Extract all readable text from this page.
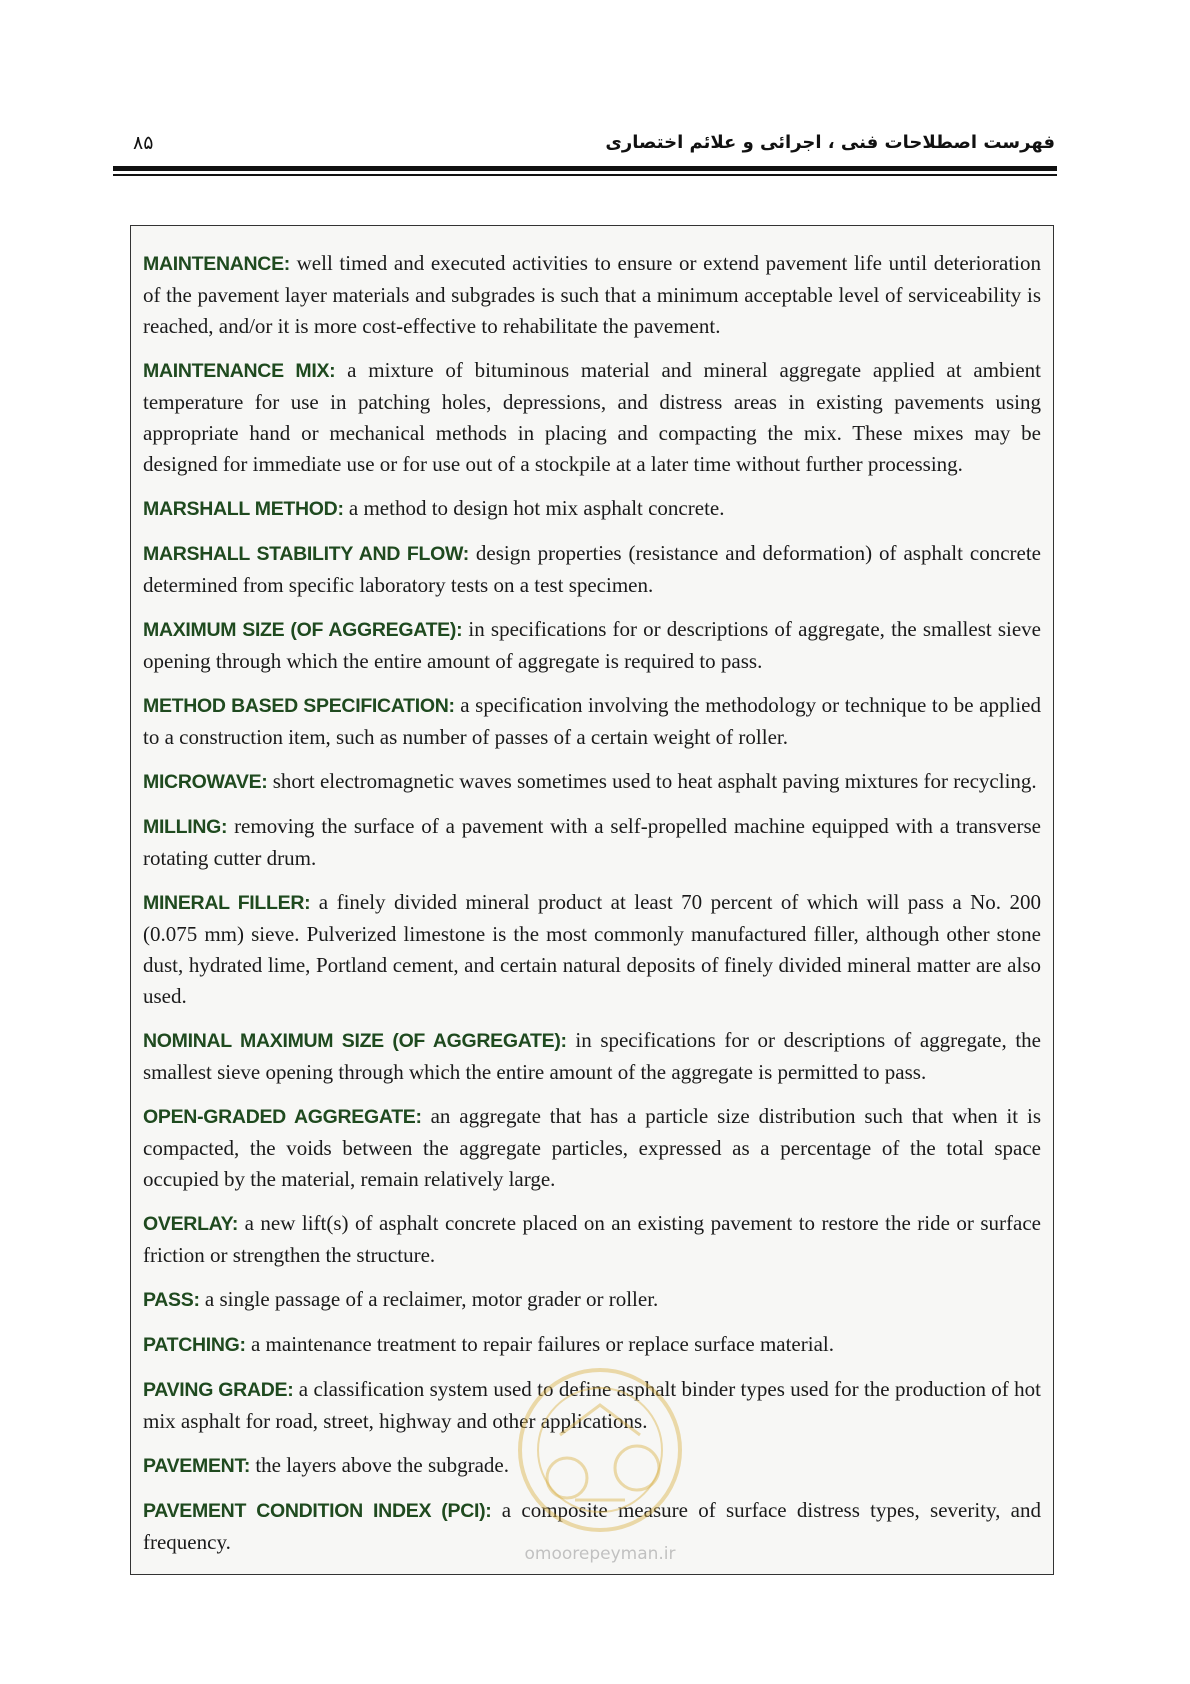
۸۵	فهرست اصطلاحات فنی ، اجرائی و علائم اختصاری

MAINTENANCE: well timed and executed activities to ensure or extend pavement life until deterioration of the pavement layer materials and subgrades is such that a minimum acceptable level of serviceability is reached, and/or it is more cost-effective to rehabilitate the pavement.

MAINTENANCE MIX: a mixture of bituminous material and mineral aggregate applied at ambient temperature for use in patching holes, depressions, and distress areas in existing pavements using appropriate hand or mechanical methods in placing and compacting the mix. These mixes may be designed for immediate use or for use out of a stockpile at a later time without further processing.

MARSHALL METHOD: a method to design hot mix asphalt concrete.

MARSHALL STABILITY AND FLOW: design properties (resistance and deformation) of asphalt concrete determined from specific laboratory tests on a test specimen.

MAXIMUM SIZE (OF AGGREGATE): in specifications for or descriptions of aggregate, the smallest sieve opening through which the entire amount of aggregate is required to pass.

METHOD BASED SPECIFICATION: a specification involving the methodology or technique to be applied to a construction item, such as number of passes of a certain weight of roller.

MICROWAVE: short electromagnetic waves sometimes used to heat asphalt paving mixtures for recycling.

MILLING: removing the surface of a pavement with a self-propelled machine equipped with a transverse rotating cutter drum.

MINERAL FILLER: a finely divided mineral product at least 70 percent of which will pass a No. 200 (0.075 mm) sieve. Pulverized limestone is the most commonly manufactured filler, although other stone dust, hydrated lime, Portland cement, and certain natural deposits of finely divided mineral matter are also used.

NOMINAL MAXIMUM SIZE (OF AGGREGATE): in specifications for or descriptions of aggregate, the smallest sieve opening through which the entire amount of the aggregate is permitted to pass.

OPEN-GRADED AGGREGATE: an aggregate that has a particle size distribution such that when it is compacted, the voids between the aggregate particles, expressed as a percentage of the total space occupied by the material, remain relatively large.

OVERLAY: a new lift(s) of asphalt concrete placed on an existing pavement to restore the ride or surface friction or strengthen the structure.

PASS: a single passage of a reclaimer, motor grader or roller.

PATCHING: a maintenance treatment to repair failures or replace surface material.

PAVING GRADE: a classification system used to define asphalt binder types used for the production of hot mix asphalt for road, street, highway and other applications.

PAVEMENT: the layers above the subgrade.

PAVEMENT CONDITION INDEX (PCI): a composite measure of surface distress types, severity, and frequency.	omoorepeyman.ir
